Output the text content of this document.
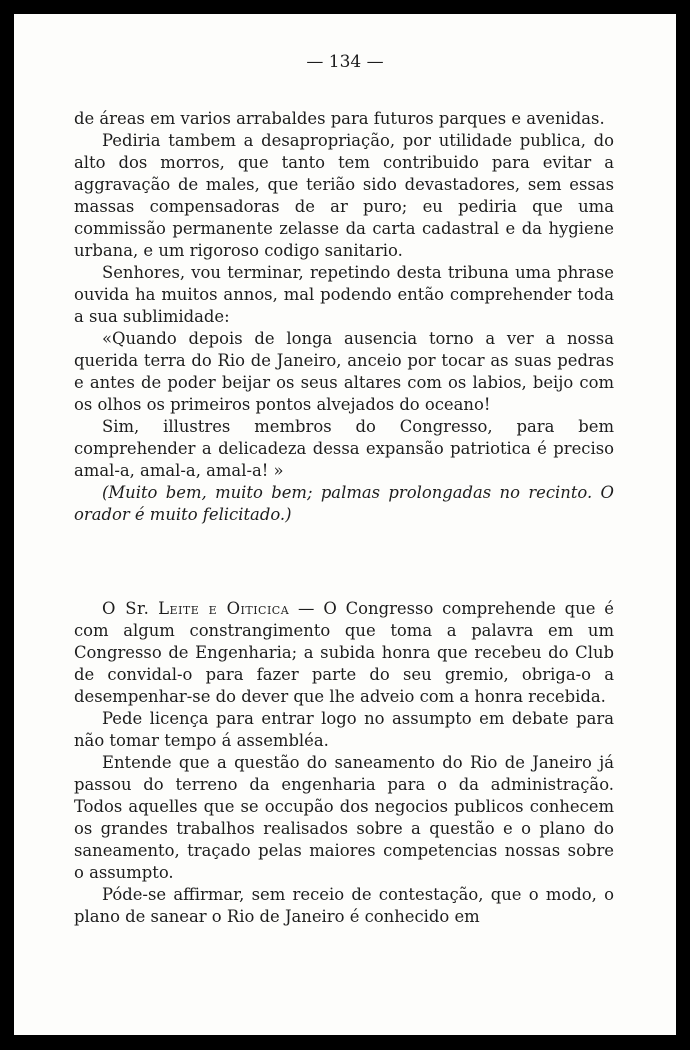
— 134 —

de áreas em varios arrabaldes para futuros parques e avenidas.

Pediria tambem a desapropriação, por utilidade publica, do alto dos morros, que tanto tem contribuido para evitar a aggravação de males, que terião sido devastadores, sem essas massas compensadoras de ar puro; eu pediria que uma commissão permanente zelasse da carta cadastral e da hygiene urbana, e um rigoroso codigo sanitario.

Senhores, vou terminar, repetindo desta tribuna uma phrase ouvida ha muitos annos, mal podendo então comprehender toda a sua sublimidade:

«Quando depois de longa ausencia torno a ver a nossa querida terra do Rio de Janeiro, anceio por tocar as suas pedras e antes de poder beijar os seus altares com os labios, beijo com os olhos os primeiros pontos alvejados do oceano!

Sim, illustres membros do Congresso, para bem comprehender a delicadeza dessa expansão patriotica é preciso amal-a, amal-a, amal-a! »

(Muito bem, muito bem; palmas prolongadas no recinto. O orador é muito felicitado.)

O Sr. Leite e Oiticica — O Congresso comprehende que é com algum constrangimento que toma a palavra em um Congresso de Engenharia; a subida honra que recebeu do Club de convidal-o para fazer parte do seu gremio, obriga-o a desempenhar-se do dever que lhe adveio com a honra recebida.

Pede licença para entrar logo no assumpto em debate para não tomar tempo á assembléa.

Entende que a questão do saneamento do Rio de Janeiro já passou do terreno da engenharia para o da administração. Todos aquelles que se occupão dos negocios publicos conhecem os grandes trabalhos realisados sobre a questão e o plano do saneamento, traçado pelas maiores competencias nossas sobre o assumpto.

Póde-se affirmar, sem receio de contestação, que o modo, o plano de sanear o Rio de Janeiro é conhecido em
